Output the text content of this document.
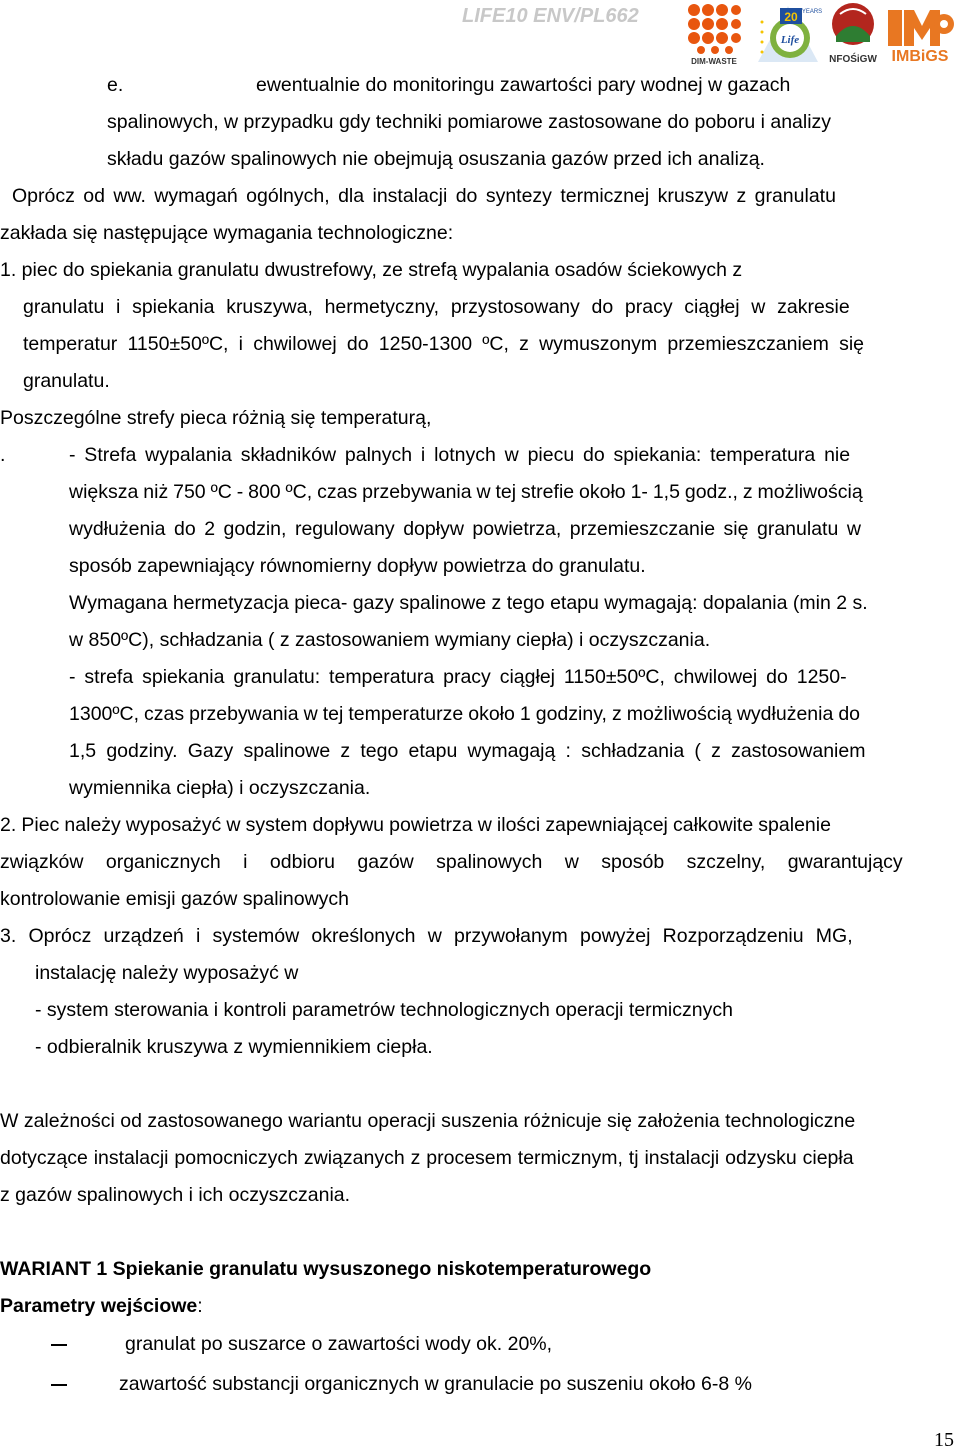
LIFE10 ENV/PL662
DIM-WASTE
20 YEARS
Life
NFOŚiGW IMBiGS
e.	ewentualnie do monitoringu zawartości pary wodnej w gazach
spalinowych, w przypadku gdy techniki pomiarowe zastosowane do poboru i analizy
składu gazów spalinowych nie obejmują osuszania gazów przed ich analizą.
Oprócz od ww. wymagań ogólnych, dla instalacji do syntezy termicznej kruszyw z granulatu
zakłada się następujące wymagania technologiczne:
1. piec do spiekania granulatu dwustrefowy, ze strefą wypalania osadów ściekowych z
granulatu i spiekania kruszywa, hermetyczny, przystosowany do pracy ciągłej w zakresie
temperatur 1150±50ºC, i chwilowej do 1250-1300 ºC, z wymuszonym przemieszczaniem się
granulatu.
Poszczególne strefy pieca różnią się temperaturą,
.	- Strefa wypalania składników palnych i lotnych w piecu do spiekania: temperatura nie
większa niż 750 ºC - 800 ºC, czas przebywania w tej strefie około 1- 1,5 godz., z możliwością
wydłużenia do 2 godzin, regulowany dopływ powietrza, przemieszczanie się granulatu w
sposób zapewniający równomierny dopływ powietrza do granulatu.
Wymagana hermetyzacja pieca- gazy spalinowe z tego etapu wymagają: dopalania (min 2 s.
w 850ºC), schładzania ( z zastosowaniem wymiany ciepła) i oczyszczania.
- strefa spiekania granulatu: temperatura pracy ciągłej 1150±50ºC, chwilowej do 1250-
1300ºC, czas przebywania w tej temperaturze około 1 godziny, z możliwością wydłużenia do
1,5 godziny. Gazy spalinowe z tego etapu wymagają : schładzania ( z zastosowaniem
wymiennika ciepła) i oczyszczania.
2. Piec należy wyposażyć w system dopływu powietrza w ilości zapewniającej całkowite spalenie
związków organicznych i odbioru gazów spalinowych w sposób szczelny, gwarantujący
kontrolowanie emisji gazów spalinowych
3. Oprócz urządzeń i systemów określonych w przywołanym powyżej Rozporządzeniu MG,
instalację należy wyposażyć w
- system sterowania i kontroli parametrów technologicznych operacji termicznych
- odbieralnik kruszywa z wymiennikiem ciepła.
W zależności od zastosowanego wariantu operacji suszenia różnicuje się założenia technologiczne
dotyczące instalacji pomocniczych związanych z procesem termicznym, tj instalacji odzysku ciepła
z gazów spalinowych i ich oczyszczania.
WARIANT 1 Spiekanie granulatu wysuszonego niskotemperaturowego
Parametry wejściowe:
granulat po suszarce o zawartości wody ok. 20%,
zawartość substancji organicznych w granulacie po suszeniu około 6-8 %
15
